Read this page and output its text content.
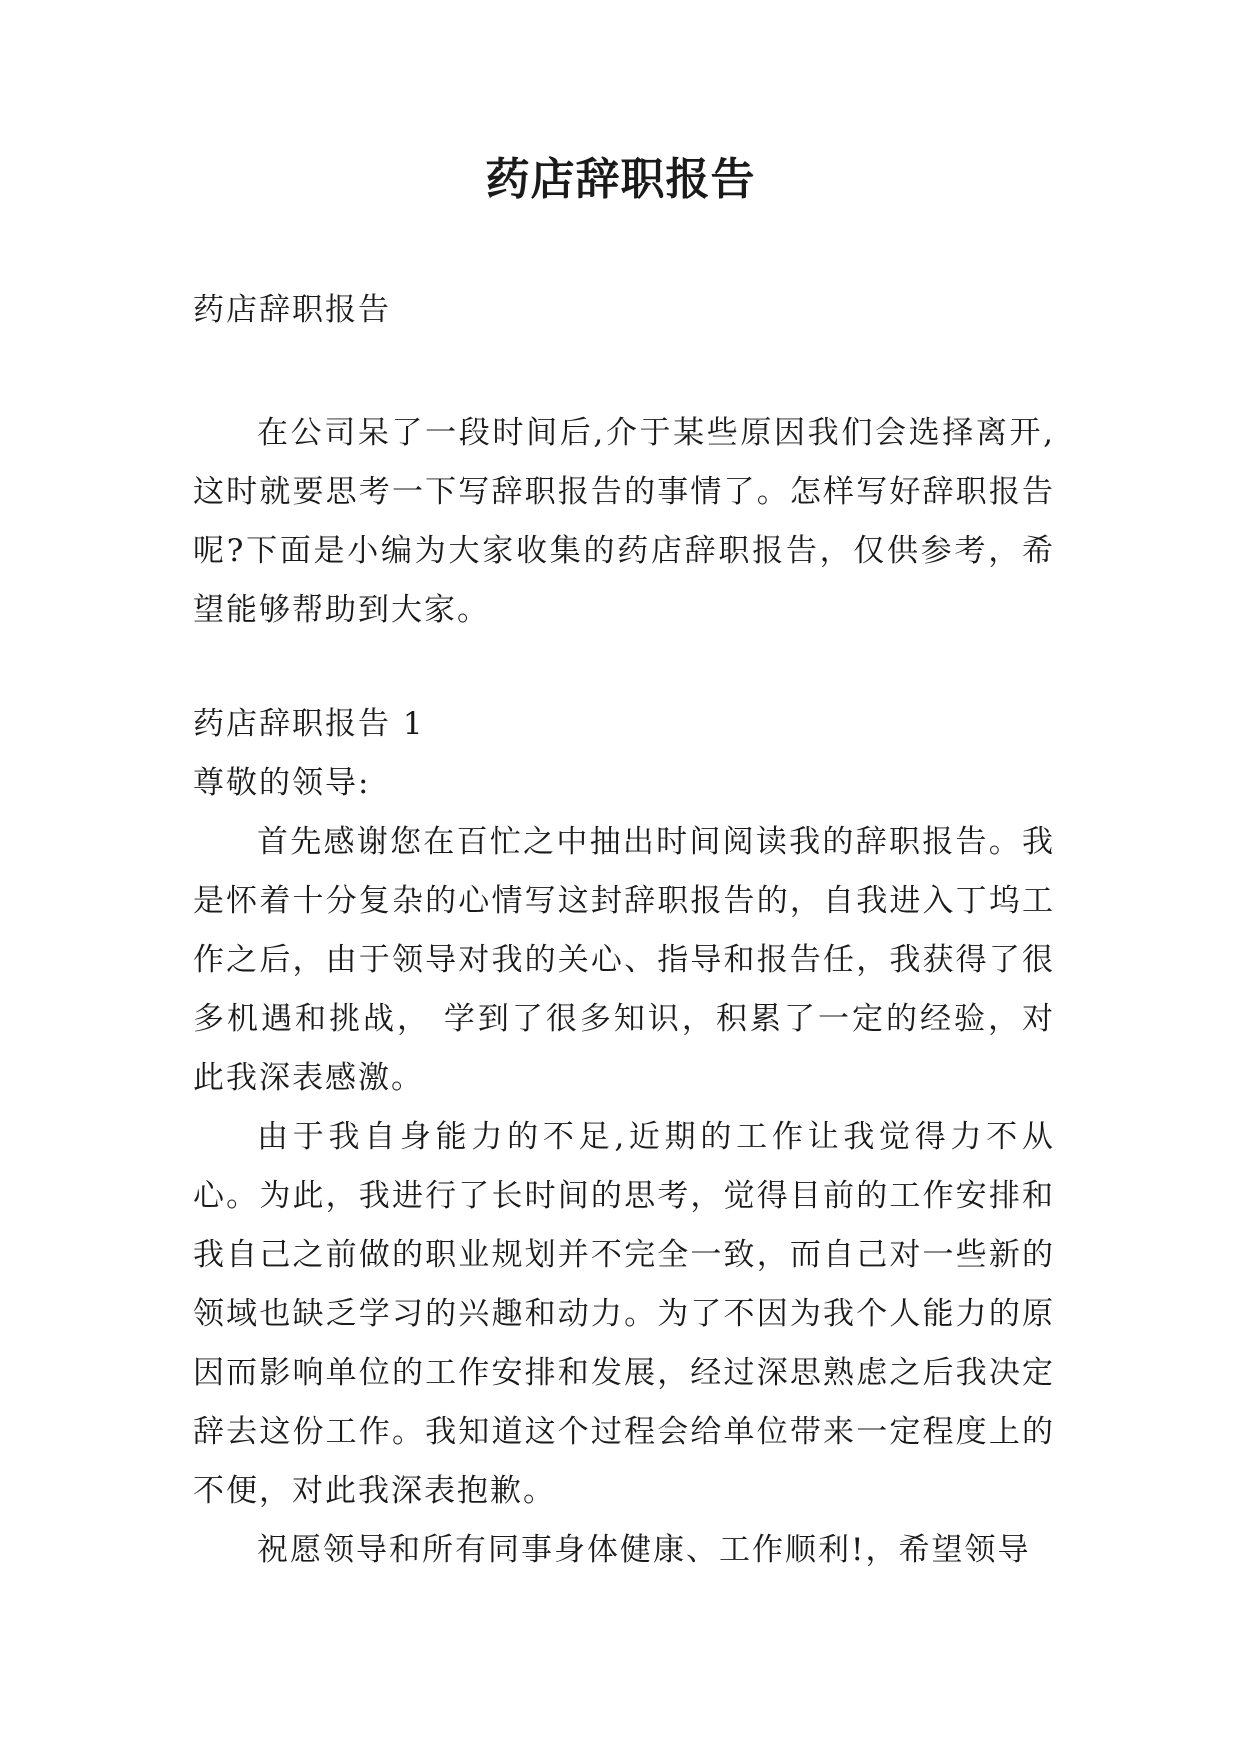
药店辞职报告
药店辞职报告

在公司呆了一段时间后,介于某些原因我们会选择离开,这时就要思考一下写辞职报告的事情了。怎样写好辞职报告呢?下面是小编为大家收集的药店辞职报告，仅供参考，希望能够帮助到大家。

药店辞职报告 1
尊敬的领导:

首先感谢您在百忙之中抽出时间阅读我的辞职报告。我是怀着十分复杂的心情写这封辞职报告的，自我进入丁坞工作之后，由于领导对我的关心、指导和报告任，我获得了很多机遇和挑战， 学到了很多知识，积累了一定的经验，对此我深表感激。

由于我自身能力的不足,近期的工作让我觉得力不从心。为此，我进行了长时间的思考，觉得目前的工作安排和我自己之前做的职业规划并不完全一致，而自己对一些新的领域也缺乏学习的兴趣和动力。为了不因为我个人能力的原因而影响单位的工作安排和发展，经过深思熟虑之后我决定辞去这份工作。我知道这个过程会给单位带来一定程度上的不便，对此我深表抱歉。

祝愿领导和所有同事身体健康、工作顺利!，希望领导
